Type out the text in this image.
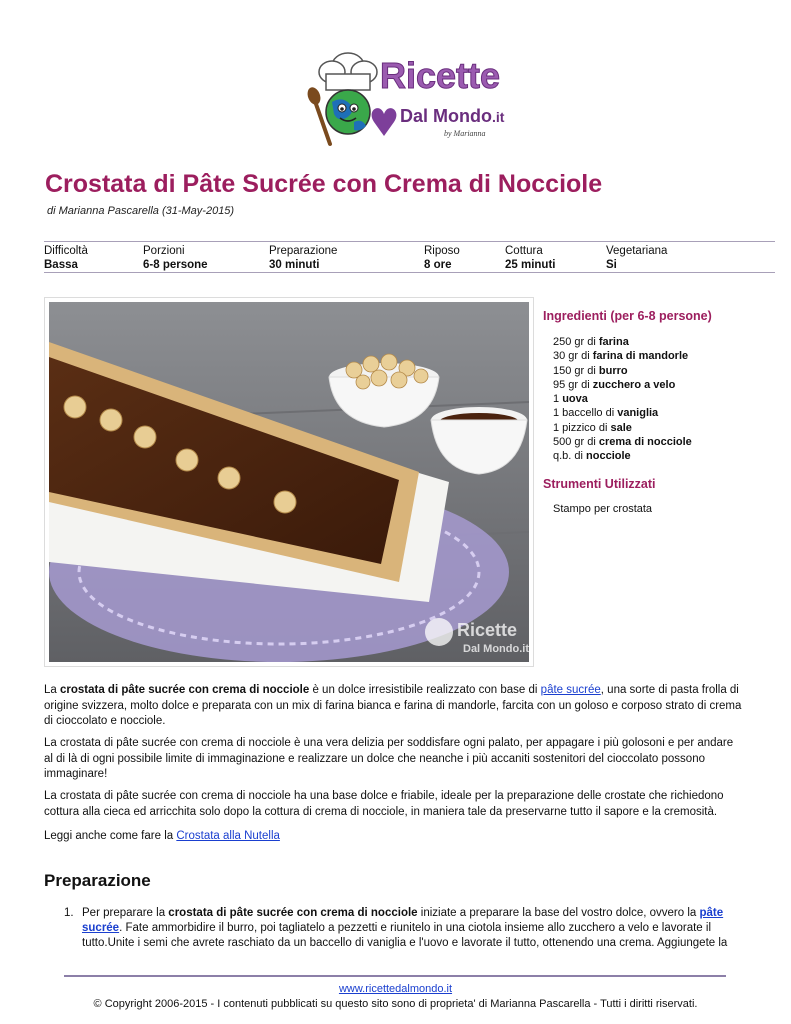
Ricette
Dal Mondo.it
by Marianna
Crostata di Pâte Sucrée con Crema di Nocciole
di Marianna Pascarella (31-May-2015)
Difficoltà
Bassa
Porzioni
6-8 persone
Preparazione
30 minuti
Riposo
8 ore
Cottura
25 minuti
Vegetariana
Si
Ricette
Dal Mondo.it
Ingredienti (per 6-8 persone)
250 gr di farina
30 gr di farina di mandorle
150 gr di burro
95 gr di zucchero a velo
1 uova
1 baccello di vaniglia
1 pizzico di sale
500 gr di crema di nocciole
q.b. di nocciole
Strumenti Utilizzati
Stampo per crostata

La crostata di pâte sucrée con crema di nocciole è un dolce irresistibile realizzato con base di pâte sucrée, una sorte di pasta frolla di origine svizzera, molto dolce e preparata con un mix di farina bianca e farina di mandorle, farcita con un goloso e corposo strato di crema di cioccolato e nocciole.

La crostata di pâte sucrée con crema di nocciole è una vera delizia per soddisfare ogni palato, per appagare i più golosoni e per andare al di là di ogni possibile limite di immaginazione e realizzare un dolce che neanche i più accaniti sostenitori del cioccolato possono immaginare!

La crostata di pâte sucrée con crema di nocciole ha una base dolce e friabile, ideale per la preparazione delle crostate che richiedono cottura alla cieca ed arricchita solo dopo la cottura di crema di nocciole, in maniera tale da preservarne tutto il sapore e la cremosità.

Leggi anche come fare la Crostata alla Nutella

Preparazione
1. Per preparare la crostata di pâte sucrée con crema di nocciole iniziate a preparare la base del vostro dolce, ovvero la pâte sucrée. Fate ammorbidire il burro, poi tagliatelo a pezzetti e riunitelo in una ciotola insieme allo zucchero a velo e lavorate il tutto.Unite i semi che avrete raschiato da un baccello di vaniglia e l'uovo e lavorate il tutto, ottenendo una crema. Aggiungete la
www.ricettedalmondo.it
© Copyright 2006-2015 - I contenuti pubblicati su questo sito sono di proprieta' di Marianna Pascarella - Tutti i diritti riservati.
